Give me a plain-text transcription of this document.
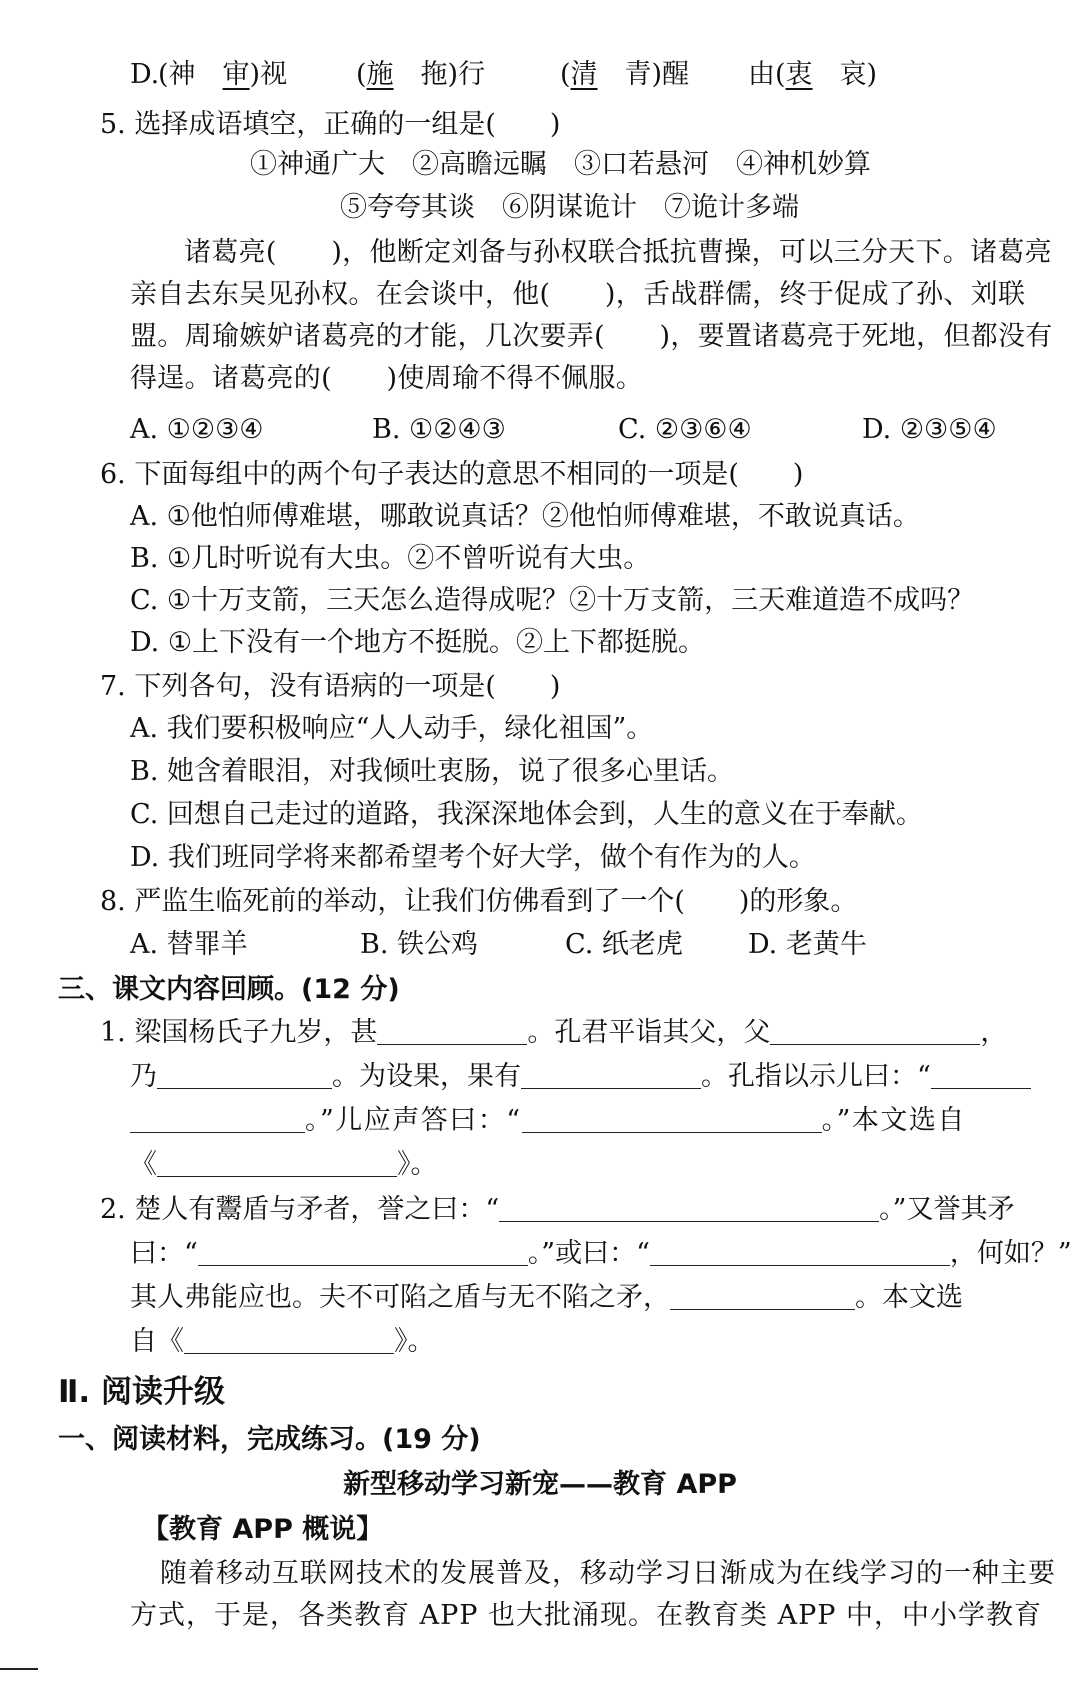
D.
(神　 审)视	(施　 拖)行	(清　 青)醒 由(衷　 哀)
5. 选择成语填空，正确的一组是(　　)
①神通广大　②高瞻远瞩　③口若悬河　④神机妙算
⑤夸夸其谈　⑥阴谋诡计　⑦诡计多端
诸葛亮(　　)，他断定刘备与孙权联合抵抗曹操，可以三分天下。诸葛亮亲自去东吴见孙权。在会谈中，他(　　)，舌战群儒，终于促成了孙、刘联盟。周瑜嫉妒诸葛亮的才能，几次要弄(　　)，要置诸葛亮于死地，但都没有得逞。诸葛亮的(　　)使周瑜不得不佩服。
A. ①②③④	B. ①②④③	C. ②③⑥④	D. ②③⑤④
6. 下面每组中的两个句子表达的意思不相同的一项是(　　)
A. ①他怕师傅难堪，哪敢说真话？②他怕师傅难堪，不敢说真话。
B. ①几时听说有大虫。②不曾听说有大虫。
C. ①十万支箭，三天怎么造得成呢？②十万支箭，三天难道造不成吗？
D. ①上下没有一个地方不挺脱。②上下都挺脱。
7. 下列各句，没有语病的一项是(　　)
A. 我们要积极响应“人人动手，绿化祖国”。
B. 她含着眼泪，对我倾吐衷肠，说了很多心里话。
C. 回想自己走过的道路，我深深地体会到，人生的意义在于奉献。
D. 我们班同学将来都希望考个好大学，做个有作为的人。
8. 严监生临死前的举动，让我们仿佛看到了一个(　　)的形象。
A. 替罪羊	B. 铁公鸡	C. 纸老虎 D. 老黄牛
三、课文内容回顾。(12 分)
1. 梁国杨氏子九岁，甚	。孔君平诣其父，父	，
乃	。为设果，果有	。孔指以示儿曰：“
。”儿应声答曰：“	。”本文选自
《	》。
2. 楚人有鬻盾与矛者，誉之曰：“	。”又誉其矛
曰：“	。”或曰：“	，何如？”
其人弗能应也。夫不可陷之盾与无不陷之矛，	。本文选
自《	》。
Ⅱ. 阅读升级
一、阅读材料，完成练习。(19 分)
新型移动学习新宠——教育 APP
【教育 APP 概说】
随着移动互联网技术的发展普及，移动学习日渐成为在线学习的一种主要方式，于是，各类教育 APP 也大批涌现。在教育类 APP 中，中小学教育
